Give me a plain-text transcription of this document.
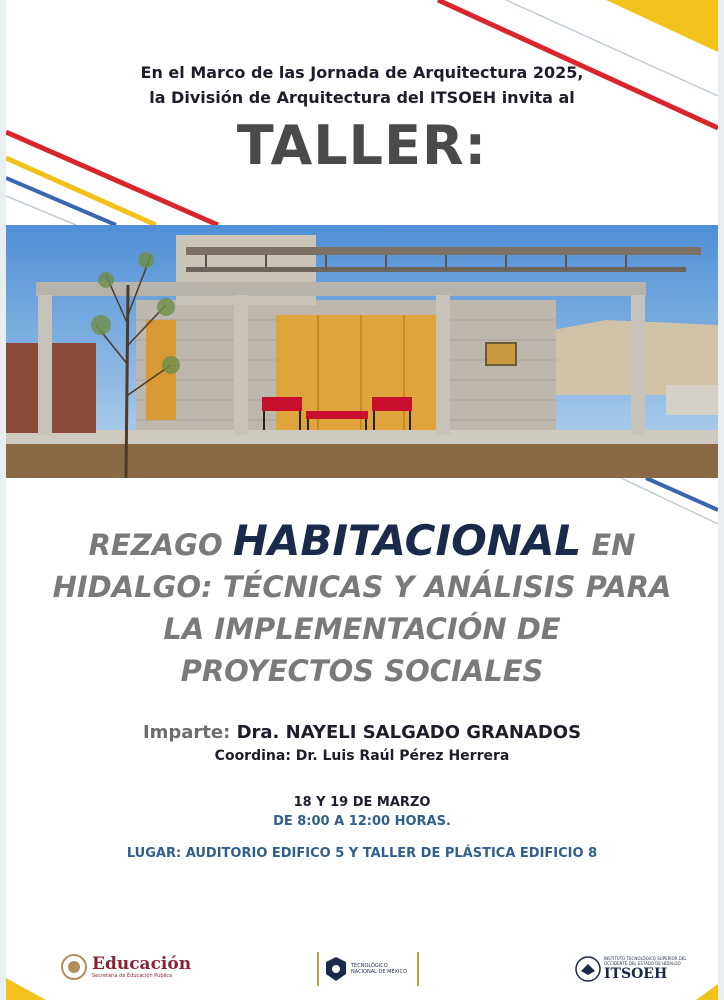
En el Marco de las Jornada de Arquitectura 2025,
la División de Arquitectura del ITSOEH invita al
TALLER:
REZAGO HABITACIONAL EN
HIDALGO: TÉCNICAS Y ANÁLISIS PARA
LA IMPLEMENTACIÓN DE
PROYECTOS SOCIALES
Imparte: Dra. NAYELI SALGADO GRANADOS
Coordina: Dr. Luis Raúl Pérez Herrera
18 Y 19 DE MARZO
DE 8:00 A 12:00 HORAS.
LUGAR: AUDITORIO EDIFICO 5 Y TALLER DE PLÁSTICA EDIFICIO 8
Educación
Secretaría de Educación Pública
TECNOLÓGICO NACIONAL DE MÉXICO
INSTITUTO TECNOLÓGICO SUPERIOR DEL OCCIDENTE DEL ESTADO DE HIDALGO
ITSOEH
